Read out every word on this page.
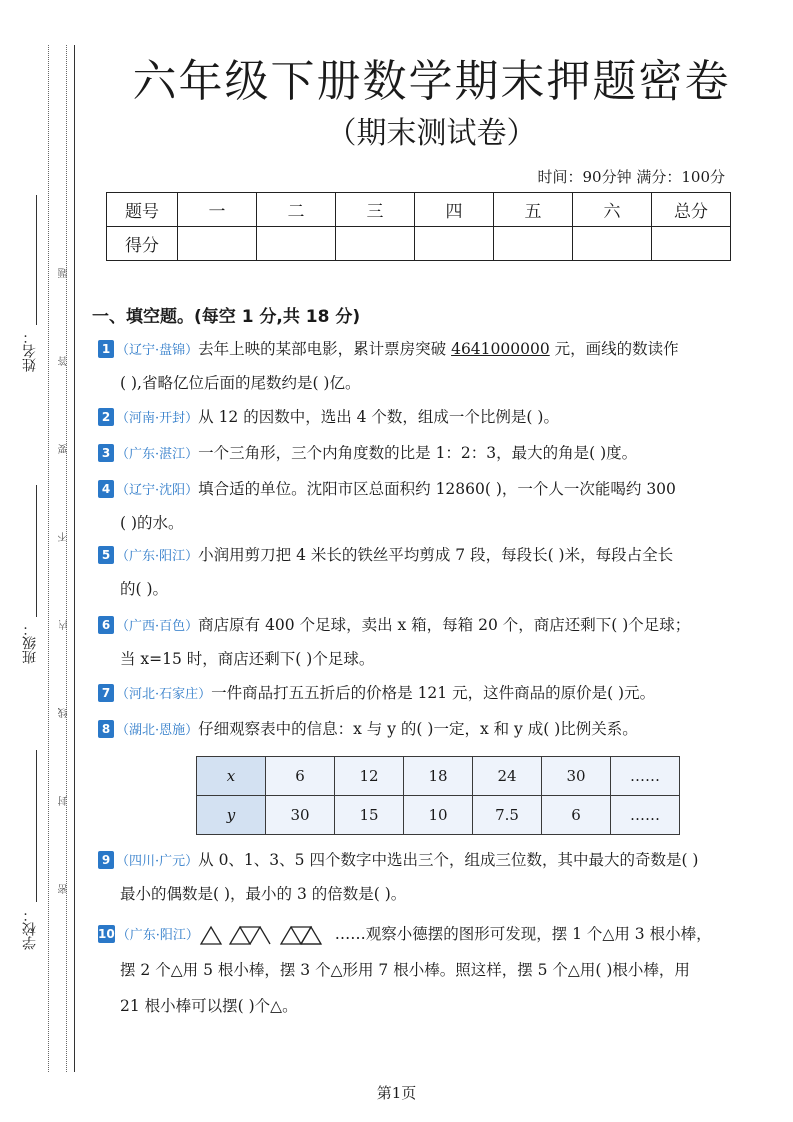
姓名：
班级：
学校：
题
答
要
不
内
线
封
密
六年级下册数学期末押题密卷
（期末测试卷）
时间：90分钟 满分：100分
题号	一	二	三	四	五	六	总分
得分							
一、填空题。(每空 1 分,共 18 分)
1 （辽宁·盘锦）去年上映的某部电影，累计票房突破 4641000000 元，画线的数读作
( ),省略亿位后面的尾数约是( )亿。
2 （河南·开封）从 12 的因数中，选出 4 个数，组成一个比例是( )。
3 （广东·湛江）一个三角形，三个内角度数的比是 1：2：3，最大的角是( )度。
4 （辽宁·沈阳）填合适的单位。沈阳市区总面积约 12860( )，一个人一次能喝约 300
( )的水。
5 （广东·阳江）小润用剪刀把 4 米长的铁丝平均剪成 7 段，每段长( )米，每段占全长
的( )。
6 （广西·百色）商店原有 400 个足球，卖出 x 箱，每箱 20 个，商店还剩下( )个足球；
当 x=15 时，商店还剩下( )个足球。
7 （河北·石家庄）一件商品打五五折后的价格是 121 元，这件商品的原价是( )元。
8 （湖北·恩施）仔细观察表中的信息：x 与 y 的( )一定，x 和 y 成( )比例关系。
x	6	12	18	24	30	……
y	30	15	10	7.5	6	……
9 （四川·广元）从 0、1、3、5 四个数字中选出三个，组成三位数，其中最大的奇数是( )
最小的偶数是( )，最小的 3 的倍数是( )。
10 （广东·阳江）	……观察小德摆的图形可发现，摆 1 个△用 3 根小棒，
摆 2 个△用 5 根小棒，摆 3 个△形用 7 根小棒。照这样，摆 5 个△用( )根小棒，用
21 根小棒可以摆( )个△。
第1页
